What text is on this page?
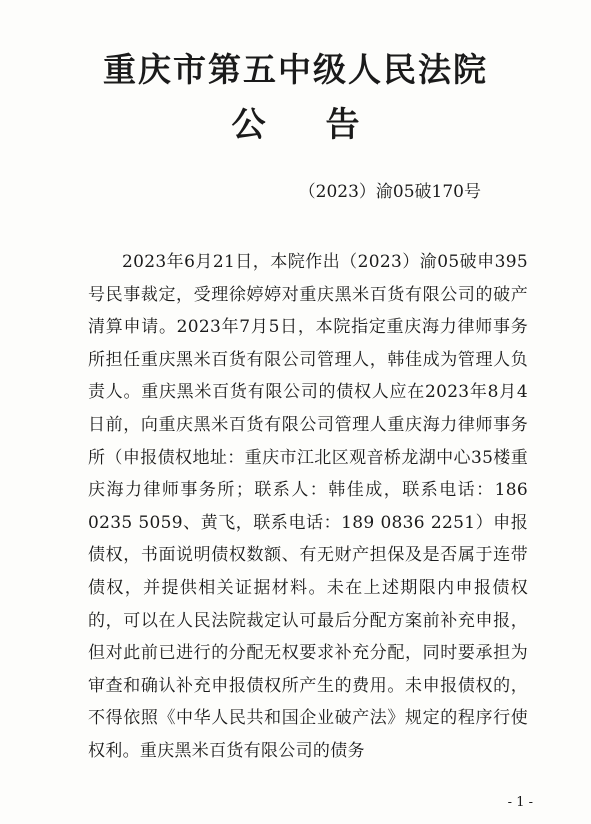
重庆市第五中级人民法院
公告
（2023）渝05破170号

2023年6月21日，本院作出（2023）渝05破申395号民事裁定，受理徐婷婷对重庆黑米百货有限公司的破产清算申请。2023年7月5日，本院指定重庆海力律师事务所担任重庆黑米百货有限公司管理人，韩佳成为管理人负责人。重庆黑米百货有限公司的债权人应在2023年8月4日前，向重庆黑米百货有限公司管理人重庆海力律师事务所（申报债权地址：重庆市江北区观音桥龙湖中心35楼重庆海力律师事务所；联系人：韩佳成，联系电话：186 0235 5059、黄飞，联系电话：189 0836 2251）申报债权，书面说明债权数额、有无财产担保及是否属于连带债权，并提供相关证据材料。未在上述期限内申报债权的，可以在人民法院裁定认可最后分配方案前补充申报，但对此前已进行的分配无权要求补充分配，同时要承担为审查和确认补充申报债权所产生的费用。未申报债权的，不得依照《中华人民共和国企业破产法》规定的程序行使权利。重庆黑米百货有限公司的债务

- 1 -
